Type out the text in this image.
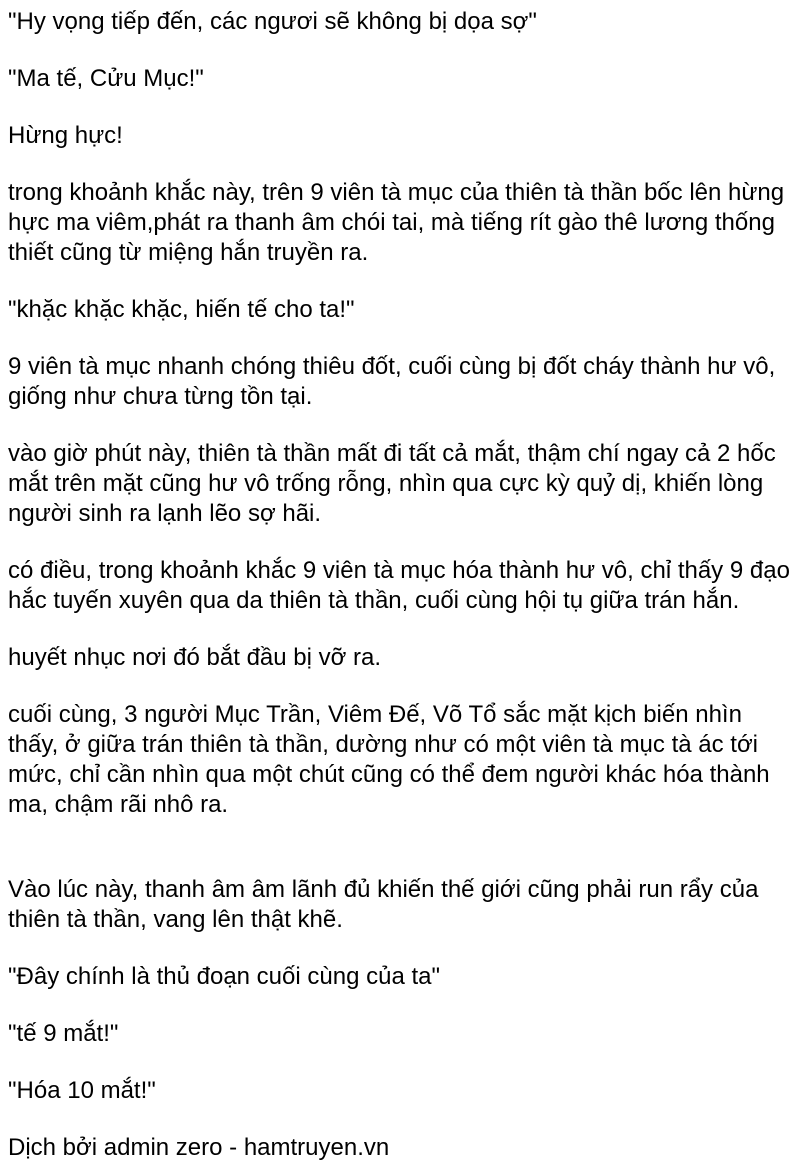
"Hy vọng tiếp đến, các ngươi sẽ không bị dọa sợ"

"Ma tế, Cửu Mục!"

Hừng hực!

trong khoảnh khắc này, trên 9 viên tà mục của thiên tà thần bốc lên hừng hực ma viêm,phát ra thanh âm chói tai, mà tiếng rít gào thê lương thống thiết cũng từ miệng hắn truyền ra.

"khặc khặc khặc, hiến tế cho ta!"

9 viên tà mục nhanh chóng thiêu đốt, cuối cùng bị đốt cháy thành hư vô, giống như chưa từng tồn tại.

vào giờ phút này, thiên tà thần mất đi tất cả mắt, thậm chí ngay cả 2 hốc mắt trên mặt cũng hư vô trống rỗng, nhìn qua cực kỳ quỷ dị, khiến lòng người sinh ra lạnh lẽo sợ hãi.

có điều, trong khoảnh khắc 9 viên tà mục hóa thành hư vô, chỉ thấy 9 đạo hắc tuyến xuyên qua da thiên tà thần, cuối cùng hội tụ giữa trán hắn.

huyết nhục nơi đó bắt đầu bị vỡ ra.

cuối cùng, 3 người Mục Trần, Viêm Đế, Võ Tổ sắc mặt kịch biến nhìn thấy, ở giữa trán thiên tà thần, dường như có một viên tà mục tà ác tới mức, chỉ cần nhìn qua một chút cũng có thể đem người khác hóa thành ma, chậm rãi nhô ra.

Vào lúc này, thanh âm âm lãnh đủ khiến thế giới cũng phải run rẩy của thiên tà thần, vang lên thật khẽ.

"Đây chính là thủ đoạn cuối cùng của ta"

"tế 9 mắt!"

"Hóa 10 mắt!"

Dịch bởi admin zero - hamtruyen.vn
